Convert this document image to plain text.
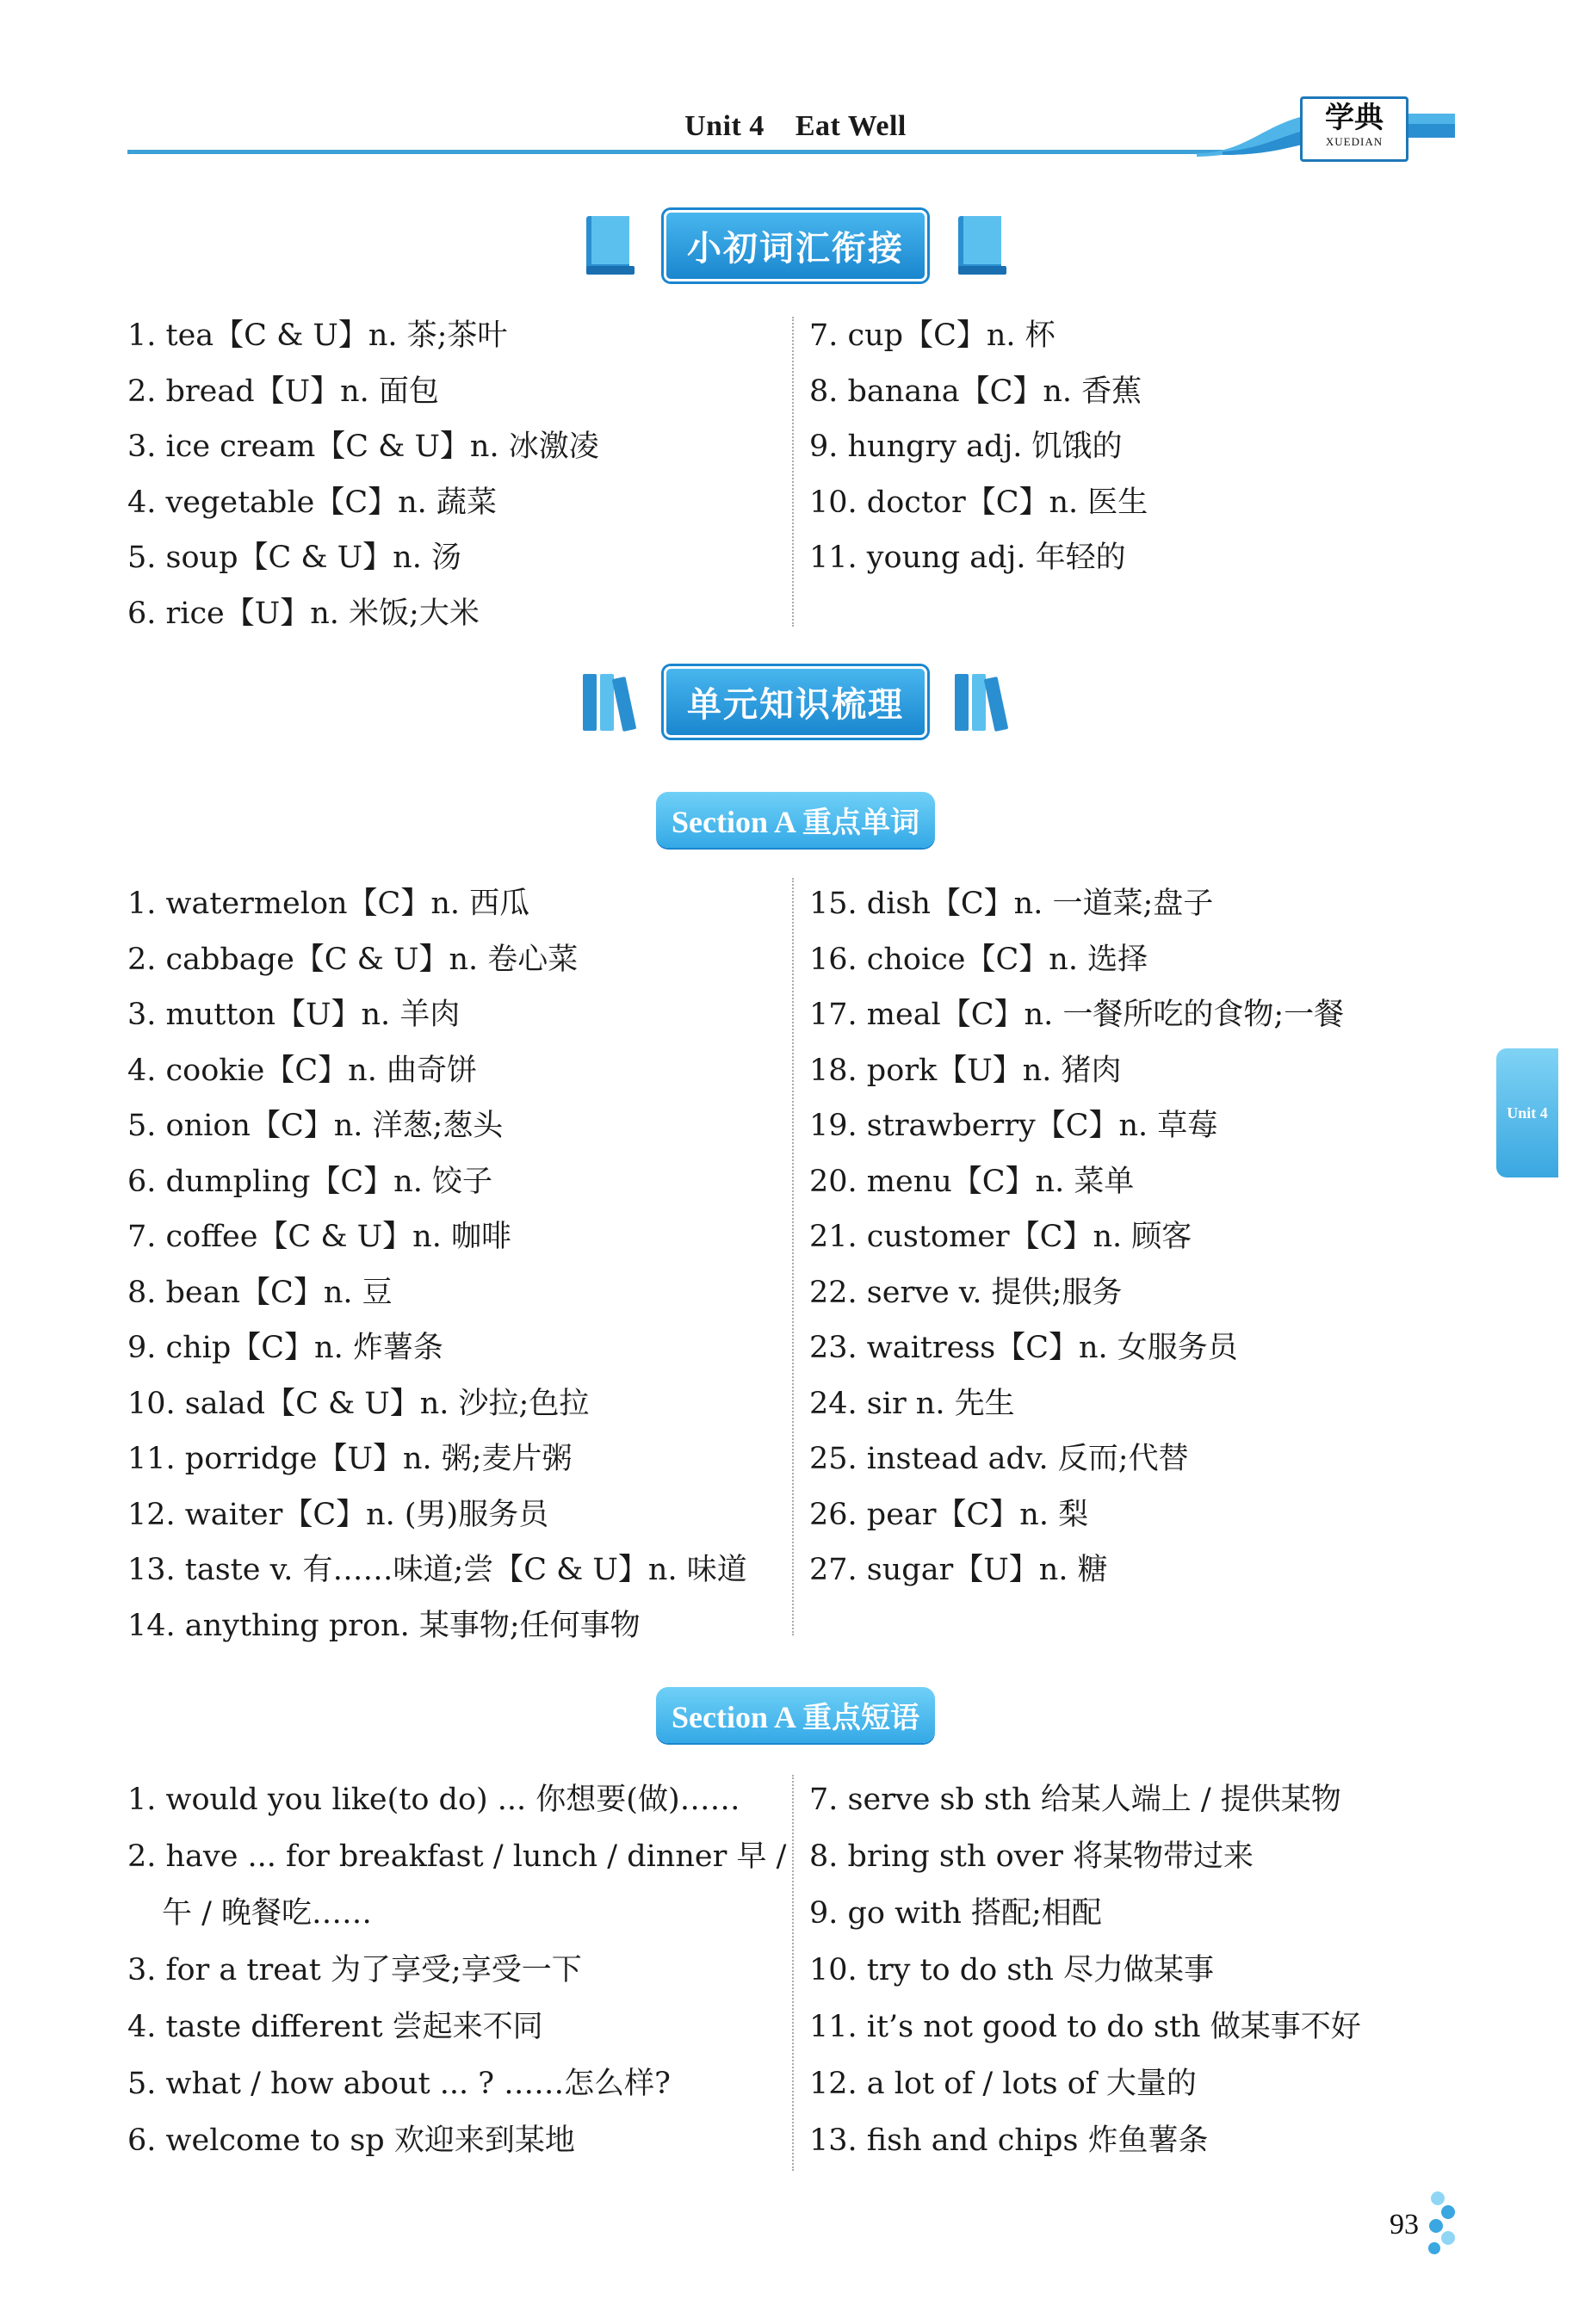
Unit 4 Eat Well	学典
XUEDIAN
小初词汇衔接
1. tea【C & U】n. 茶;茶叶
2. bread【U】n. 面包
3. ice cream【C & U】n. 冰激凌
4. vegetable【C】n. 蔬菜
5. soup【C & U】n. 汤
6. rice【U】n. 米饭;大米
7. cup【C】n. 杯
8. banana【C】n. 香蕉
9. hungry adj. 饥饿的
10. doctor【C】n. 医生
11. young adj. 年轻的
单元知识梳理
Section A 重点单词
1. watermelon【C】n. 西瓜
2. cabbage【C & U】n. 卷心菜
3. mutton【U】n. 羊肉
4. cookie【C】n. 曲奇饼
5. onion【C】n. 洋葱;葱头
6. dumpling【C】n. 饺子
7. coffee【C & U】n. 咖啡
8. bean【C】n. 豆
9. chip【C】n. 炸薯条
10. salad【C & U】n. 沙拉;色拉
11. porridge【U】n. 粥;麦片粥
12. waiter【C】n. (男)服务员
13. taste v. 有……味道;尝【C & U】n. 味道
14. anything pron. 某事物;任何事物
15. dish【C】n. 一道菜;盘子
16. choice【C】n. 选择
17. meal【C】n. 一餐所吃的食物;一餐
18. pork【U】n. 猪肉
19. strawberry【C】n. 草莓
20. menu【C】n. 菜单
21. customer【C】n. 顾客
22. serve v. 提供;服务
23. waitress【C】n. 女服务员
24. sir n. 先生
25. instead adv. 反而;代替
26. pear【C】n. 梨
27. sugar【U】n. 糖
Section A 重点短语
1. would you like(to do) ... 你想要(做)……
2. have ... for breakfast / lunch / dinner 早 /
午 / 晚餐吃……
3. for a treat 为了享受;享受一下
4. taste different 尝起来不同
5. what / how about ... ? ……怎么样?
6. welcome to sp 欢迎来到某地
7. serve sb sth 给某人端上 / 提供某物
8. bring sth over 将某物带过来
9. go with 搭配;相配
10. try to do sth 尽力做某事
11. it’s not good to do sth 做某事不好
12. a lot of / lots of 大量的
13. fish and chips 炸鱼薯条
Unit 4
93
